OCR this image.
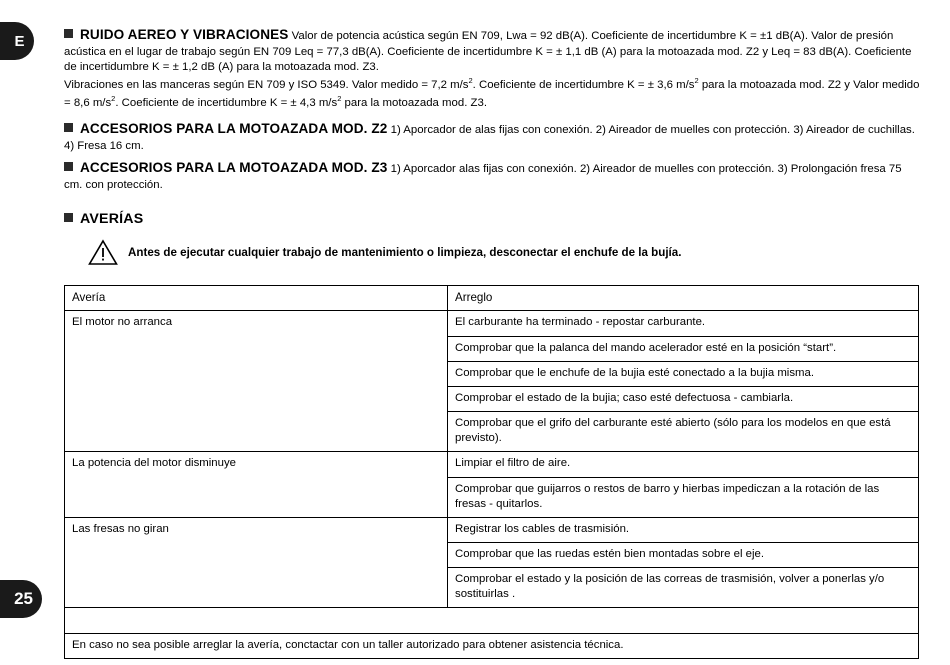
E
25

RUIDO AEREO Y VIBRACIONES Valor de potencia acústica según EN 709, Lwa = 92 dB(A). Coeficiente de incertidumbre K = ±1 dB(A). Valor de presión acústica en el lugar de trabajo según EN 709 Leq = 77,3 dB(A). Coeficiente de incertidumbre K = ± 1,1 dB (A) para la motoazada mod. Z2 y Leq = 83 dB(A). Coeficiente de incertidumbre K = ± 1,2 dB (A) para la motoazada mod. Z3.

Vibraciones en las manceras según EN 709 y ISO 5349. Valor medido = 7,2 $m/s^2$. Coeficiente de incertidumbre K = ± 3,6 $m/s^2$ para la motoazada mod. Z2 y Valor medido = 8,6 $m/s^2$. Coeficiente de incertidumbre K = ± 4,3 $m/s^2$ para la motoazada mod. Z3.

ACCESORIOS PARA LA MOTOAZADA MOD. Z2 1) Aporcador de alas fijas con conexión. 2) Aireador de muelles con protección. 3) Aireador de cuchillas. 4) Fresa 16 cm.

ACCESORIOS PARA LA MOTOAZADA MOD. Z3 1) Aporcador alas fijas con conexión. 2) Aireador de muelles con protección. 3) Prolongación fresa 75 cm. con protección.

AVERÍAS
Antes de ejecutar cualquier trabajo de mantenimiento o limpieza, desconectar el enchufe de la bujía.
Avería	Arreglo
El motor no arranca	El carburante ha terminado - repostar carburante.
	Comprobar que la palanca del mando acelerador esté en la posición “start”.
	Comprobar que le enchufe de la bujia esté conectado a la bujia misma.
	Comprobar el estado de la bujia; caso esté defectuosa - cambiarla.
	Comprobar que el grifo del carburante esté abierto (sólo para los modelos en que está previsto).
La potencia del motor disminuye	Limpiar el filtro de aire.
	Comprobar que guijarros o restos de barro y hierbas impediczan a la rotación de las fresas - quitarlos.
Las fresas no giran	Registrar los cables de trasmisión.
	Comprobar que las ruedas estén bien montadas sobre el eje.
	Comprobar el estado y la posición de las correas de trasmisión, volver a ponerlas y/o sostituirlas .

En caso no sea posible arreglar la avería, conctactar con un taller autorizado para obtener asistencia técnica.	
